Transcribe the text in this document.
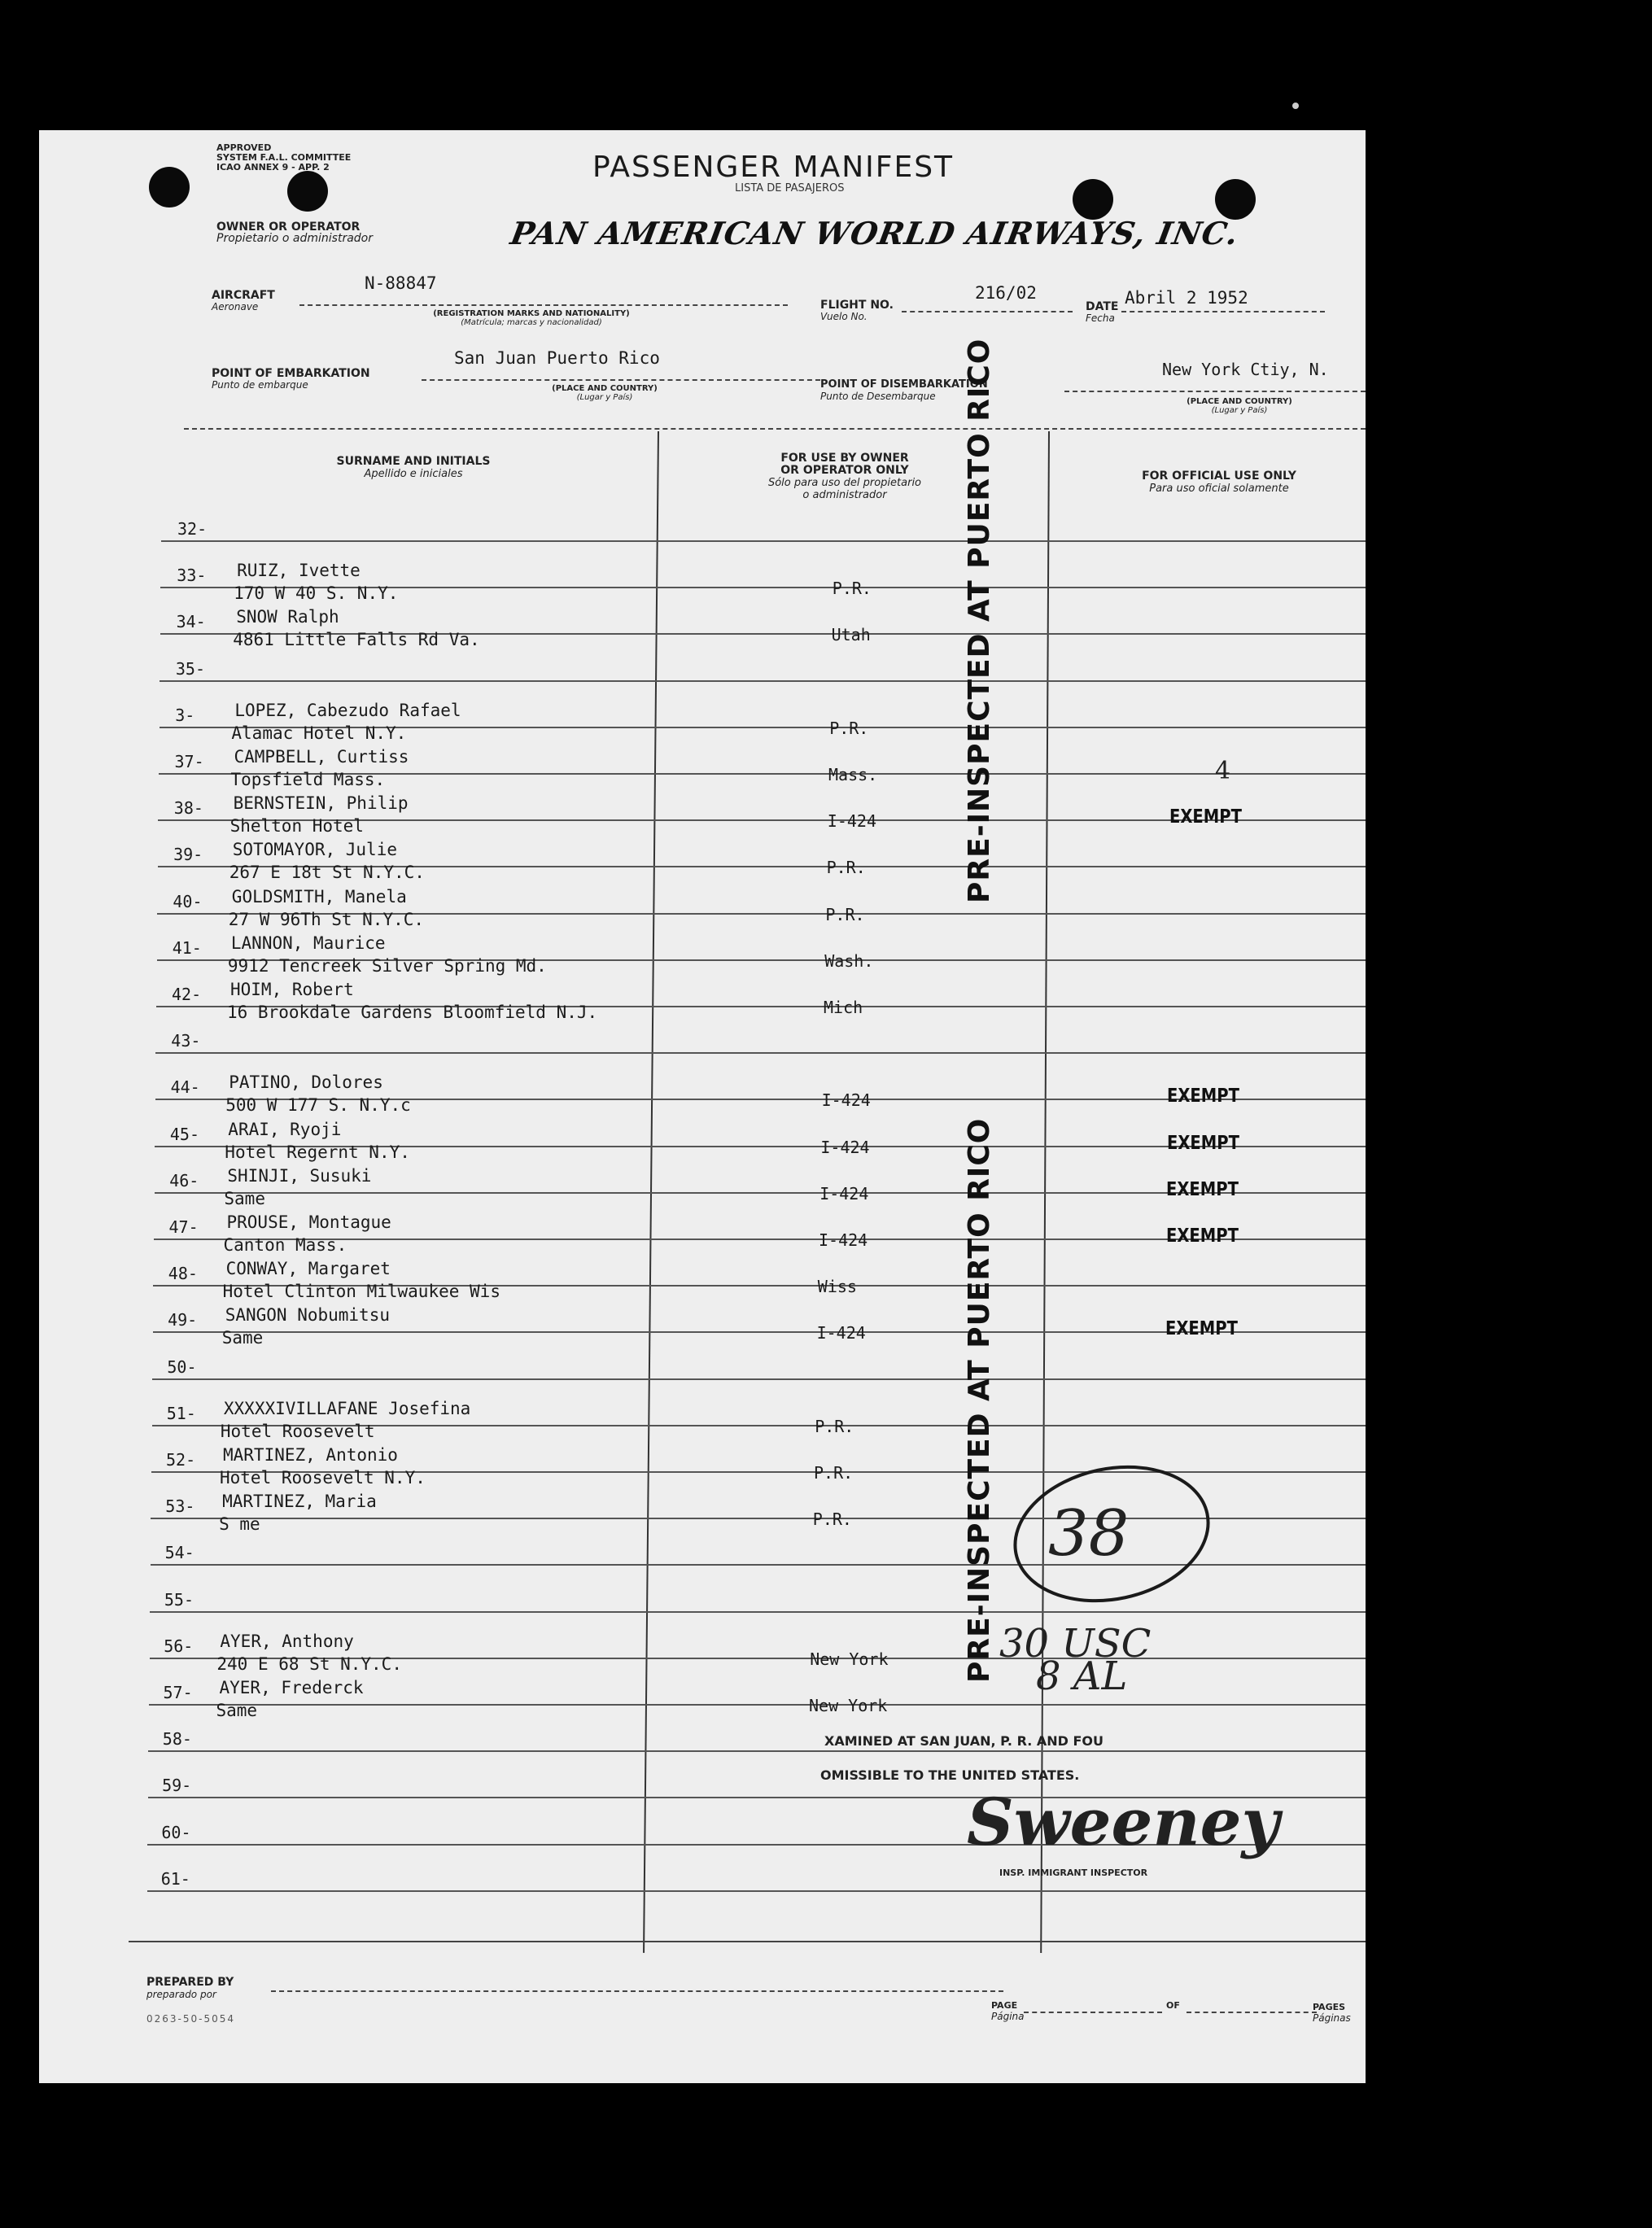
APPROVED
SYSTEM F.A.L. COMMITTEE
ICAO ANNEX 9 - APP. 2	PASSENGER MANIFEST
LISTA DE PASAJEROS
OWNER OR OPERATOR
Propietario o administrador	PAN AMERICAN WORLD AIRWAYS, INC.
AIRCRAFT
Aeronave
N-88847
(REGISTRATION MARKS AND NATIONALITY)
(Matrícula; marcas y nacionalidad)
FLIGHT NO.
Vuelo No.
216/02
DATE
Fecha
Abril 2 1952
POINT OF EMBARKATION
Punto de embarque
San Juan Puerto Rico
(PLACE AND COUNTRY)
(Lugar y País)
POINT OF DISEMBARKATION
Punto de Desembarque
New York Ctiy, N.
(PLACE AND COUNTRY)
(Lugar y País)
SURNAME AND INITIALS
Apellido e iniciales
FOR USE BY OWNER
OR OPERATOR ONLY
Sólo para uso del propietario
o administrador
FOR OFFICIAL USE ONLY
Para uso oficial solamente
32-
33- RUIZ, Ivette
170 W 40 S. N.Y.	P.R.
34- SNOW Ralph
4861 Little Falls Rd Va.	Utah
35-
3- LOPEZ, Cabezudo Rafael
Alamac Hotel N.Y.	P.R.
37- CAMPBELL, Curtiss
Topsfield Mass.	Mass.	4
38- BERNSTEIN, Philip
Shelton Hotel	I-424	EXEMPT
39- SOTOMAYOR, Julie
267 E 18t St N.Y.C.	P.R.
40- GOLDSMITH, Manela
27 W 96Th St N.Y.C.	P.R.
41- LANNON, Maurice
9912 Tencreek Silver Spring Md.	Wash.
42- HOIM, Robert
16 Brookdale Gardens Bloomfield N.J.	Mich
43-
44- PATINO, Dolores
500 W 177 S. N.Y.c	I-424	EXEMPT
45- ARAI, Ryoji
Hotel Regernt N.Y.	I-424	EXEMPT
46- SHINJI, Susuki
Same	I-424	EXEMPT
47- PROUSE, Montague
Canton Mass.	I-424	EXEMPT
48- CONWAY, Margaret
Hotel Clinton Milwaukee Wis	Wiss
49- SANGON Nobumitsu
Same	I-424	EXEMPT
50-
51- XXXXXIVILLAFANE Josefina
Hotel Roosevelt	P.R.
52- MARTINEZ, Antonio
Hotel Roosevelt N.Y.	P.R.
53- MARTINEZ, Maria
S me	P.R.
54-
55-
56- AYER, Anthony
240 E 68 St N.Y.C.	New York
57- AYER, Frederck
Same	New York
58-
59-
60-
61-
PRE-INSPECTED AT PUERTO RICO
PRE-INSPECTED AT PUERTO RICO 38
30 USC
8 AL
XAMINED AT SAN JUAN, P. R. AND FOU
OMISSIBLE TO THE UNITED STATES.
Sweeney
INSP. IMMIGRANT INSPECTOR
PREPARED BY
preparado por
0263-50-5054
PAGE
Página
OF	PAGES
Páginas
